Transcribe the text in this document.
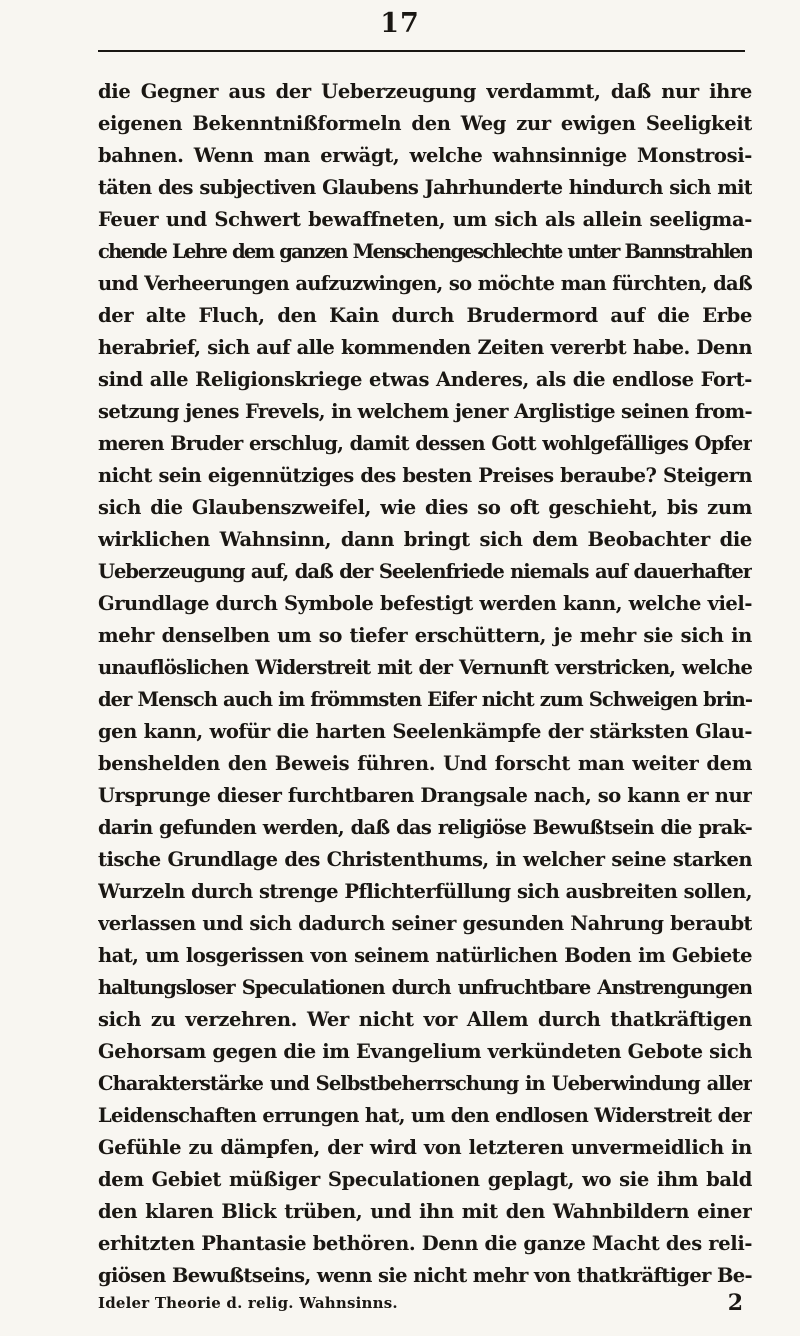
17
die Gegner aus der Ueberzeugung verdammt, daß nur ihre
eigenen Bekenntnißformeln den Weg zur ewigen Seeligkeit
bahnen. Wenn man erwägt, welche wahnsinnige Monstrosi-
täten des subjectiven Glaubens Jahrhunderte hindurch sich mit
Feuer und Schwert bewaffneten, um sich als allein seeligma-
chende Lehre dem ganzen Menschengeschlechte unter Bannstrahlen
und Verheerungen aufzuzwingen, so möchte man fürchten, daß
der alte Fluch, den Kain durch Brudermord auf die Erbe
herabrief, sich auf alle kommenden Zeiten vererbt habe. Denn
sind alle Religionskriege etwas Anderes, als die endlose Fort-
setzung jenes Frevels, in welchem jener Arglistige seinen from-
meren Bruder erschlug, damit dessen Gott wohlgefälliges Opfer
nicht sein eigennütziges des besten Preises beraube? Steigern
sich die Glaubenszweifel, wie dies so oft geschieht, bis zum
wirklichen Wahnsinn, dann bringt sich dem Beobachter die
Ueberzeugung auf, daß der Seelenfriede niemals auf dauerhafter
Grundlage durch Symbole befestigt werden kann, welche viel-
mehr denselben um so tiefer erschüttern, je mehr sie sich in
unauflöslichen Widerstreit mit der Vernunft verstricken, welche
der Mensch auch im frömmsten Eifer nicht zum Schweigen brin-
gen kann, wofür die harten Seelenkämpfe der stärksten Glau-
benshelden den Beweis führen. Und forscht man weiter dem
Ursprunge dieser furchtbaren Drangsale nach, so kann er nur
darin gefunden werden, daß das religiöse Bewußtsein die prak-
tische Grundlage des Christenthums, in welcher seine starken
Wurzeln durch strenge Pflichterfüllung sich ausbreiten sollen,
verlassen und sich dadurch seiner gesunden Nahrung beraubt
hat, um losgerissen von seinem natürlichen Boden im Gebiete
haltungsloser Speculationen durch unfruchtbare Anstrengungen
sich zu verzehren. Wer nicht vor Allem durch thatkräftigen
Gehorsam gegen die im Evangelium verkündeten Gebote sich
Charakterstärke und Selbstbeherrschung in Ueberwindung aller
Leidenschaften errungen hat, um den endlosen Widerstreit der
Gefühle zu dämpfen, der wird von letzteren unvermeidlich in
dem Gebiet müßiger Speculationen geplagt, wo sie ihm bald
den klaren Blick trüben, und ihn mit den Wahnbildern einer
erhitzten Phantasie bethören. Denn die ganze Macht des reli-
giösen Bewußtseins, wenn sie nicht mehr von thatkräftiger Be-
Ideler Theorie d. relig. Wahnsinns.	2
